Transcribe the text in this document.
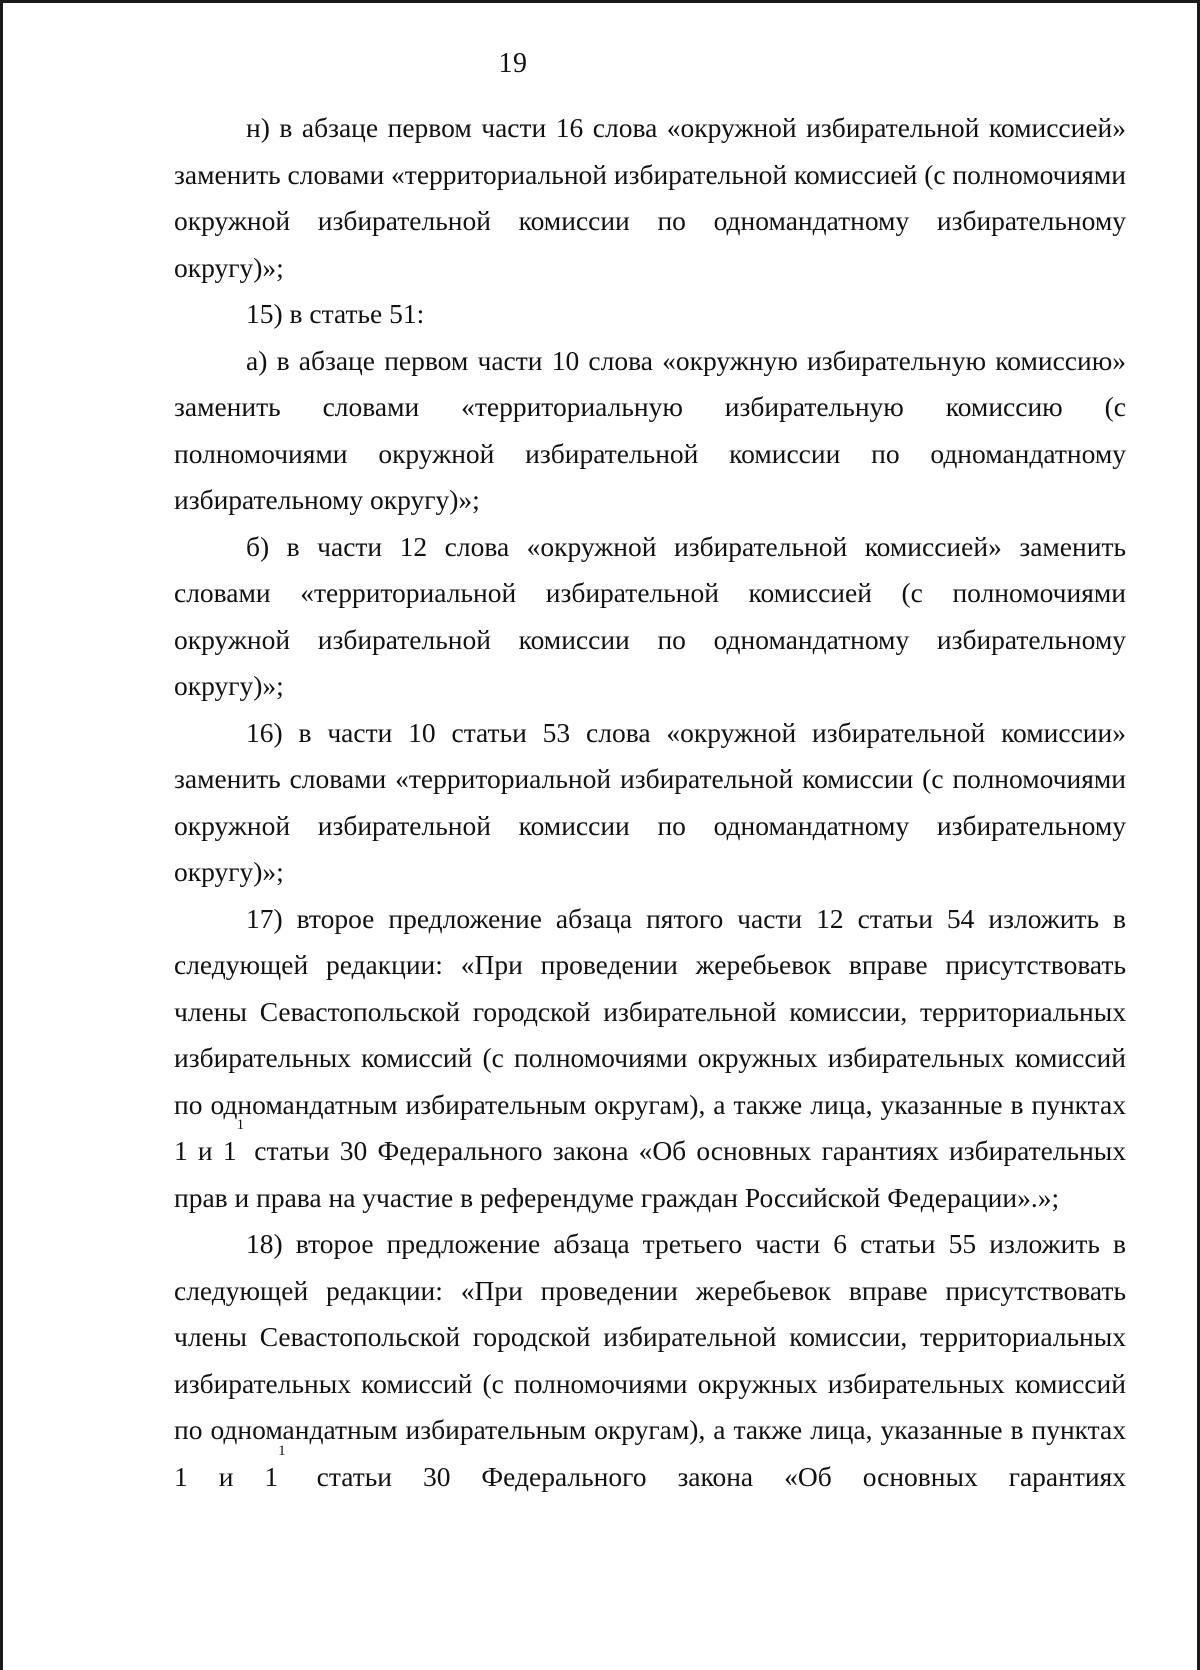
19

н) в абзаце первом части 16 слова «окружной избирательной комиссией» заменить словами «территориальной избирательной комиссией (с полномочиями окружной избирательной комиссии по одномандатному избирательному округу)»;

15) в статье 51:

а) в абзаце первом части 10 слова «окружную избирательную комиссию» заменить словами «территориальную избирательную комиссию (с полномочиями окружной избирательной комиссии по одномандатному избирательному округу)»;

б) в части 12 слова «окружной избирательной комиссией» заменить словами «территориальной избирательной комиссией (с полномочиями окружной избирательной комиссии по одномандатному избирательному округу)»;

16) в части 10 статьи 53 слова «окружной избирательной комиссии» заменить словами «территориальной избирательной комиссии (с полномочиями окружной избирательной комиссии по одномандатному избирательному округу)»;

17) второе предложение абзаца пятого части 12 статьи 54 изложить в следующей редакции: «При проведении жеребьевок вправе присутствовать члены Севастопольской городской избирательной комиссии, территориальных избирательных комиссий (с полномочиями окружных избирательных комиссий по одномандатным избирательным округам), а также лица, указанные в пунктах 1 и $1^1$ статьи 30 Федерального закона «Об основных гарантиях избирательных прав и права на участие в референдуме граждан Российской Федерации».»;

18) второе предложение абзаца третьего части 6 статьи 55 изложить в следующей редакции: «При проведении жеребьевок вправе присутствовать члены Севастопольской городской избирательной комиссии, территориальных избирательных комиссий (с полномочиями окружных избирательных комиссий по одномандатным избирательным округам), а также лица, указанные в пунктах 1 и $1^1$ статьи 30 Федерального закона «Об основных гарантиях
